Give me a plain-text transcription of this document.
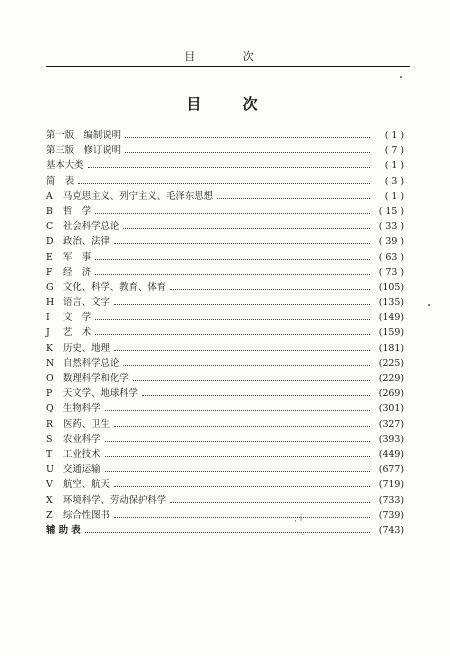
目 次
目 次
第一版　编制说明	( 1 )
第三版　修订说明	( 7 )
基本大类	( 1 )
简　表	( 3 )
A	马克思主义、列宁主义、毛泽东思想	( 1 )
B	哲　学	( 15 )
C	社会科学总论	( 33 )
D	政治、法律	( 39 )
E	军　事	( 63 )
F	经　济	( 73 )
G	文化、科学、教育、体育	(105)
H 语言、文字	(135)
I	文　学	(149)
J	艺　术	(159)
K	历史、地理	(181)
N 自然科学总论	(225)
O 数理科学和化学	(229)
P	天文学、地球科学	(269)
Q 生物科学	(301)
R	医药、卫生	(327)
S	农业科学	(393)
T	工业技术	(449)
U 交通运输	(677)
V	航空、航天	(719)
X	环境科学、劳动保护科学	(733)
Z	综合性图书	(739)
辅 助 表	(743)
, i
-.
